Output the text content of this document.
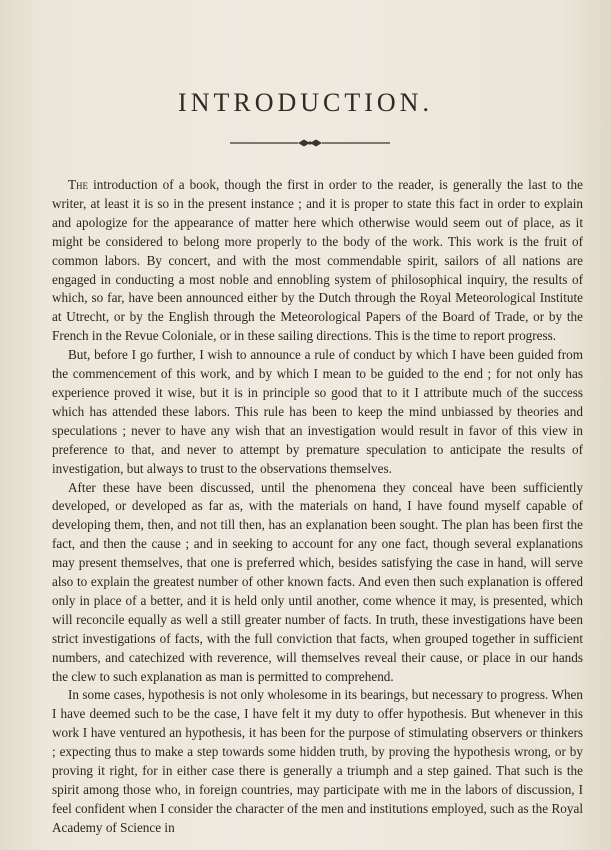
INTRODUCTION.

The introduction of a book, though the first in order to the reader, is generally the last to the writer, at least it is so in the present instance ; and it is proper to state this fact in order to explain and apologize for the appearance of matter here which otherwise would seem out of place, as it might be considered to belong more properly to the body of the work. This work is the fruit of common labors. By concert, and with the most commendable spirit, sailors of all nations are engaged in conducting a most noble and ennobling system of philosophical inquiry, the results of which, so far, have been announced either by the Dutch through the Royal Meteorological Institute at Utrecht, or by the English through the Meteorological Papers of the Board of Trade, or by the French in the Revue Coloniale, or in these sailing directions. This is the time to report progress.

But, before I go further, I wish to announce a rule of conduct by which I have been guided from the commencement of this work, and by which I mean to be guided to the end ; for not only has experience proved it wise, but it is in principle so good that to it I attribute much of the success which has attended these labors. This rule has been to keep the mind unbiassed by theories and speculations ; never to have any wish that an investigation would result in favor of this view in preference to that, and never to attempt by premature speculation to anticipate the results of investigation, but always to trust to the observations themselves.

After these have been discussed, until the phenomena they conceal have been sufficiently developed, or developed as far as, with the materials on hand, I have found myself capable of developing them, then, and not till then, has an explanation been sought. The plan has been first the fact, and then the cause ; and in seeking to account for any one fact, though several explanations may present themselves, that one is preferred which, besides satisfying the case in hand, will serve also to explain the greatest number of other known facts. And even then such explanation is offered only in place of a better, and it is held only until another, come whence it may, is presented, which will reconcile equally as well a still greater number of facts. In truth, these investigations have been strict investigations of facts, with the full conviction that facts, when grouped together in sufficient numbers, and catechized with reverence, will themselves reveal their cause, or place in our hands the clew to such explanation as man is permitted to comprehend.

In some cases, hypothesis is not only wholesome in its bearings, but necessary to progress. When I have deemed such to be the case, I have felt it my duty to offer hypothesis. But whenever in this work I have ventured an hypothesis, it has been for the purpose of stimulating observers or thinkers ; expecting thus to make a step towards some hidden truth, by proving the hypothesis wrong, or by proving it right, for in either case there is generally a triumph and a step gained. That such is the spirit among those who, in foreign countries, may participate with me in the labors of discussion, I feel confident when I consider the character of the men and institutions employed, such as the Royal Academy of Science in
